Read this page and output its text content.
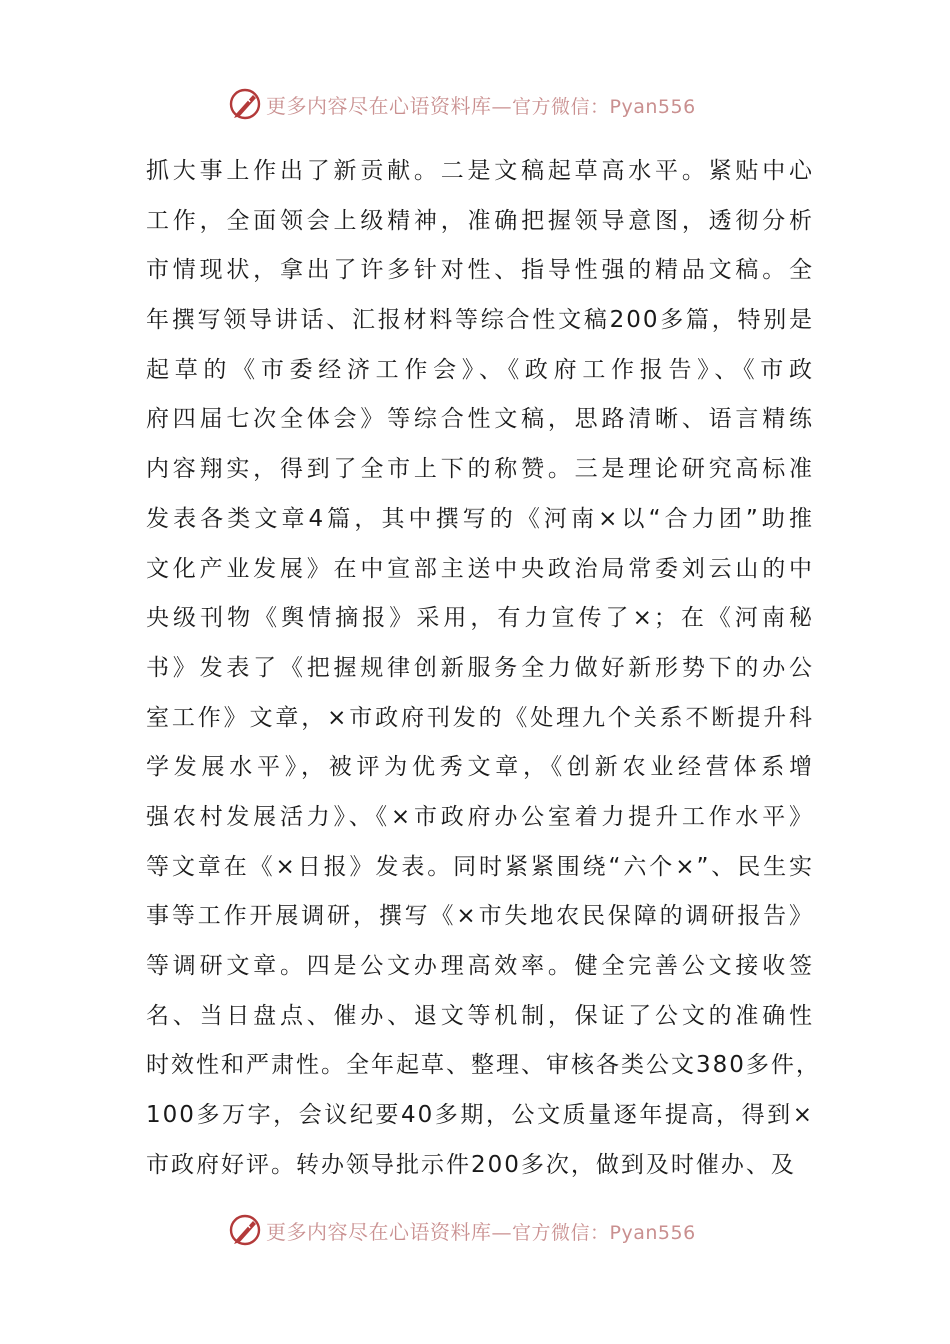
更多内容尽在心语资料库—官方微信：Pyan556
抓大事上作出了新贡献。二是文稿起草高水平。紧贴中心
工作，全面领会上级精神，准确把握领导意图，透彻分析
市情现状，拿出了许多针对性、指导性强的精品文稿。全
年撰写领导讲话、汇报材料等综合性文稿200多篇，特别是
起草的《市委经济工作会》、《政府工作报告》、《市政
府四届七次全体会》等综合性文稿，思路清晰、语言精练
内容翔实，得到了全市上下的称赞。三是理论研究高标准
发表各类文章4篇，其中撰写的《河南×以“合力团”助推
文化产业发展》在中宣部主送中央政治局常委刘云山的中
央级刊物《舆情摘报》采用，有力宣传了×；在《河南秘
书》发表了《把握规律创新服务全力做好新形势下的办公
室工作》文章，×市政府刊发的《处理九个关系不断提升科
学发展水平》，被评为优秀文章，《创新农业经营体系增
强农村发展活力》、《×市政府办公室着力提升工作水平》
等文章在《×日报》发表。同时紧紧围绕“六个×”、民生实
事等工作开展调研，撰写《×市失地农民保障的调研报告》
等调研文章。四是公文办理高效率。健全完善公文接收签
名、当日盘点、催办、退文等机制，保证了公文的准确性
时效性和严肃性。全年起草、整理、审核各类公文380多件，
100多万字，会议纪要40多期，公文质量逐年提高，得到×
市政府好评。转办领导批示件200多次，做到及时催办、及
更多内容尽在心语资料库—官方微信：Pyan556
